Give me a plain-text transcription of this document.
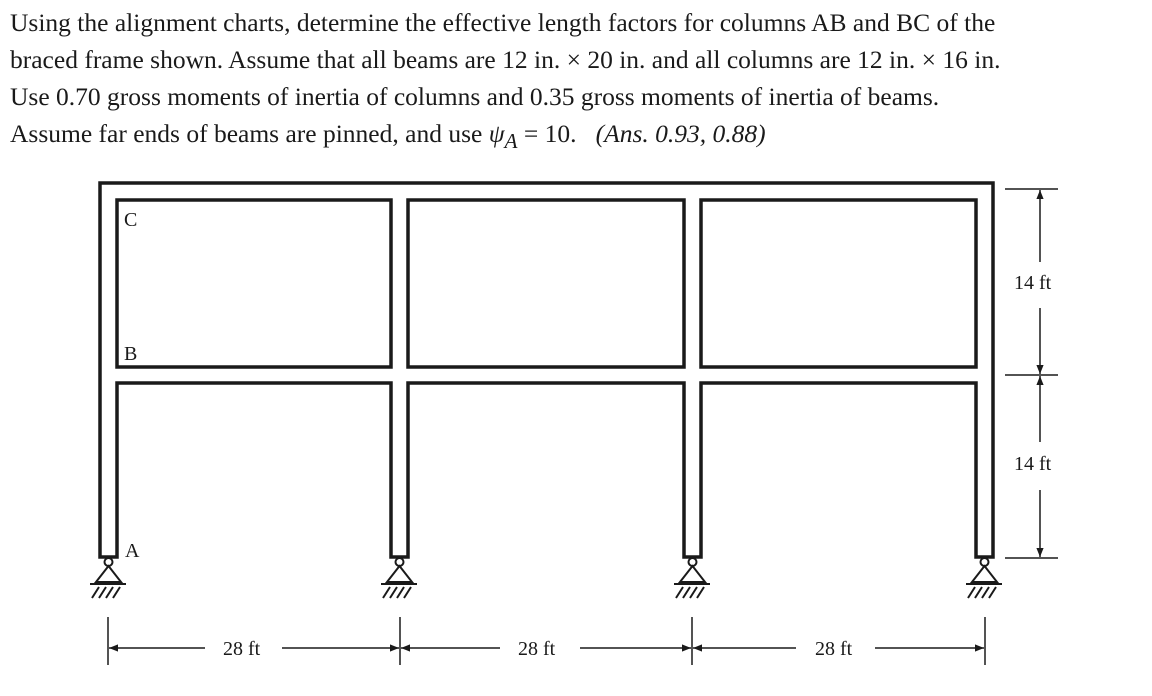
Using the alignment charts, determine the effective length factors for columns AB and BC of the
braced frame shown. Assume that all beams are 12 in. × 20 in. and all columns are 12 in. × 16 in.
Use 0.70 gross moments of inertia of columns and 0.35 gross moments of inertia of beams.
Assume far ends of beams are pinned, and use $\psi_A = 10$. (Ans. 0.93, 0.88)
C
B
A
14 ft
14 ft
28 ft	28 ft	28 ft
